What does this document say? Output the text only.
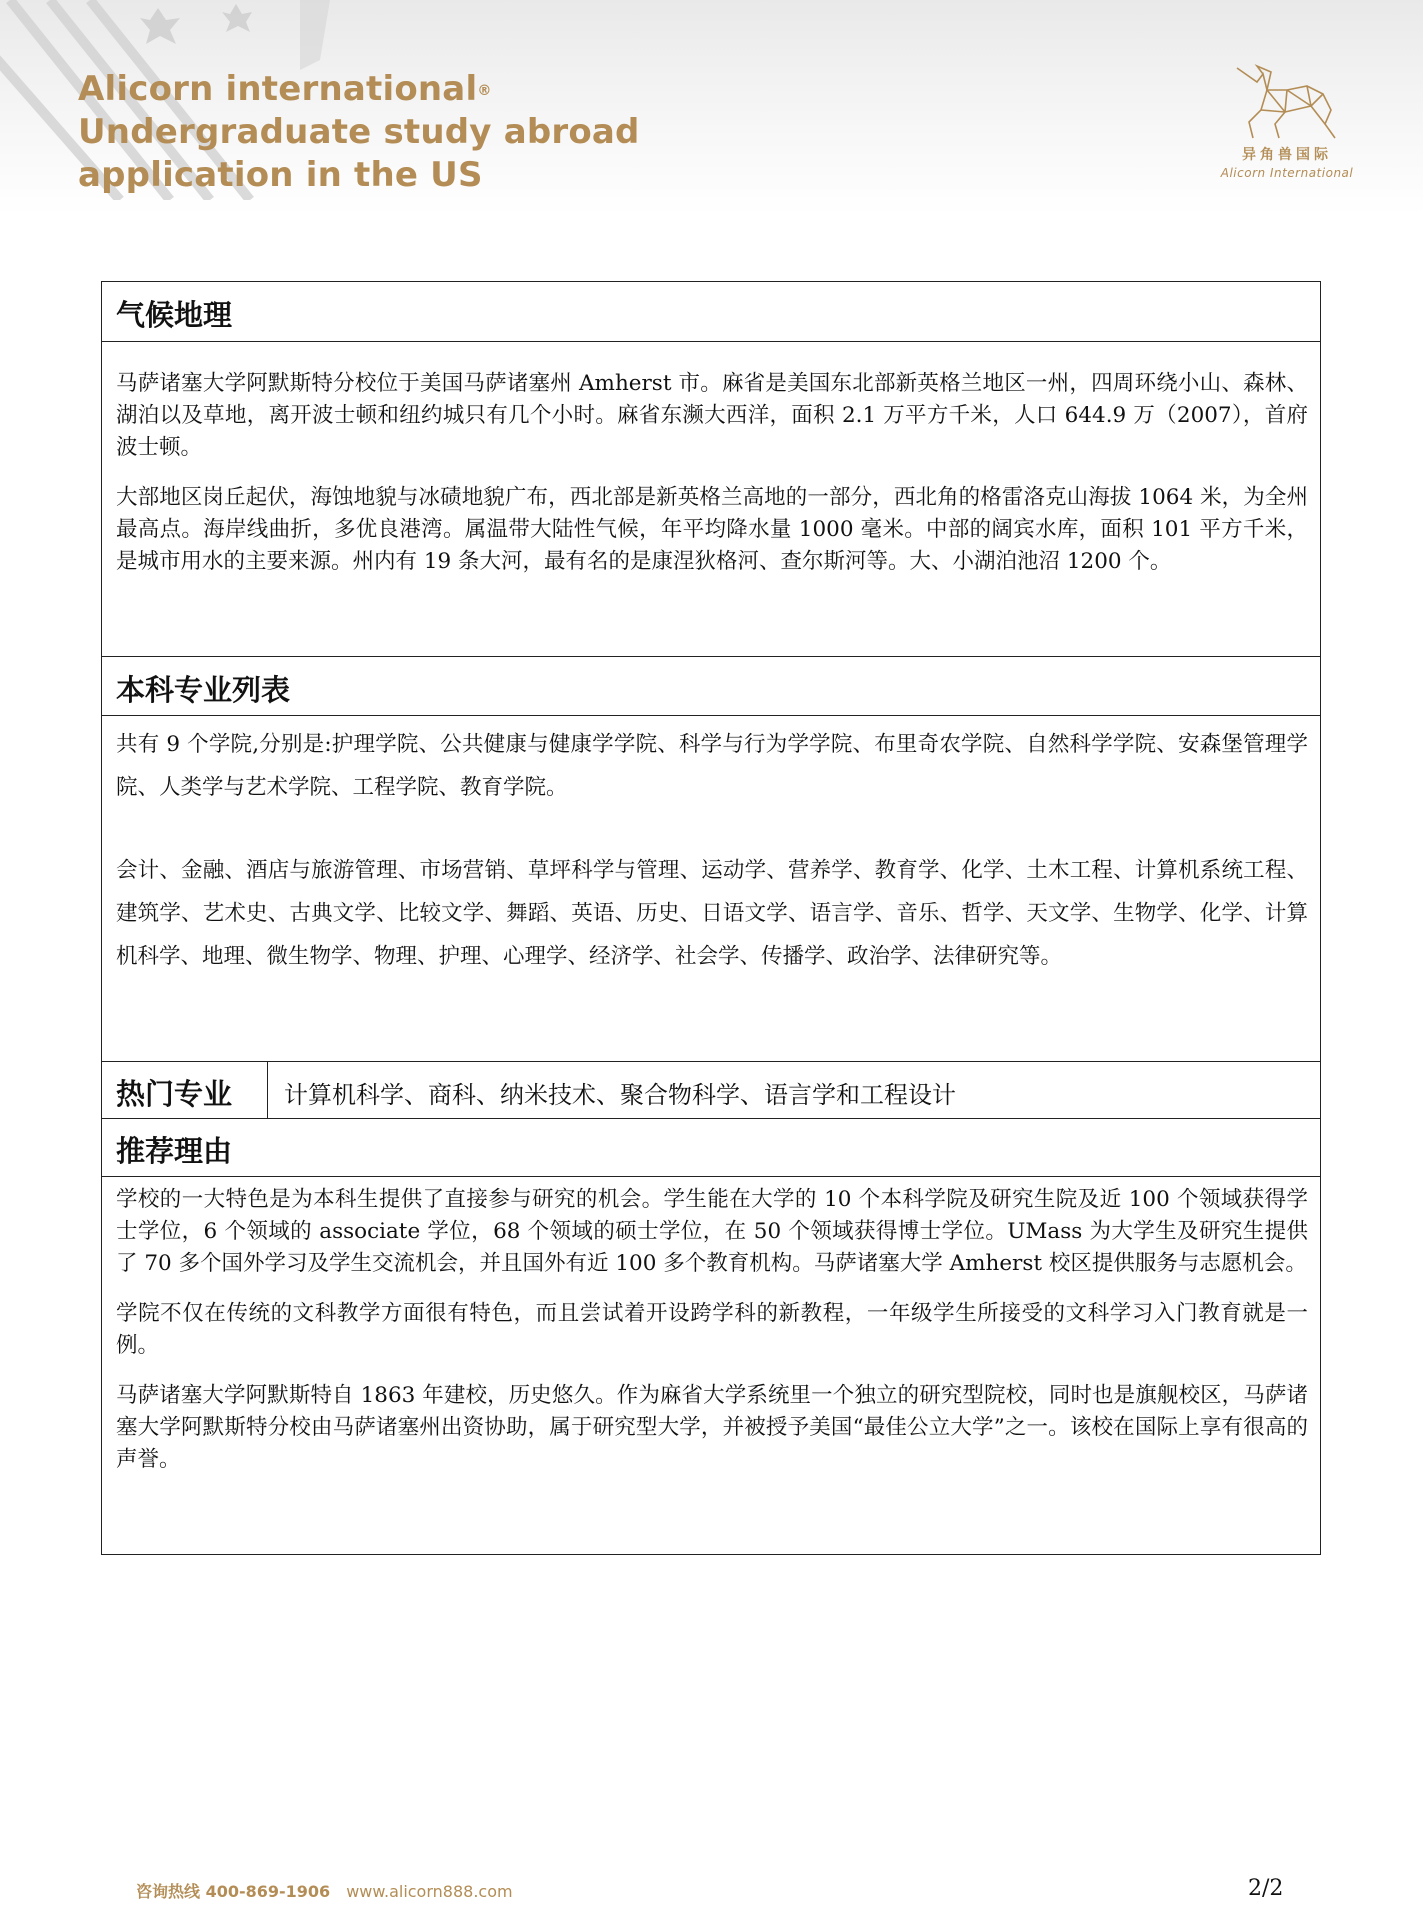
Alicorn international®
Undergraduate study abroad
application in the US	异角兽国际
Alicorn International
气候地理

马萨诸塞大学阿默斯特分校位于美国马萨诸塞州 Amherst 市。麻省是美国东北部新英格兰地区一州，四周环绕小山、森林、湖泊以及草地，离开波士顿和纽约城只有几个小时。麻省东濒大西洋，面积 2.1 万平方千米，人口 644.9 万（2007），首府波士顿。

大部地区岗丘起伏，海蚀地貌与冰碛地貌广布，西北部是新英格兰高地的一部分，西北角的格雷洛克山海拔 1064 米，为全州最高点。海岸线曲折，多优良港湾。属温带大陆性气候，年平均降水量 1000 毫米。中部的阔宾水库，面积 101 平方千米，是城市用水的主要来源。州内有 19 条大河，最有名的是康涅狄格河、查尔斯河等。大、小湖泊池沼 1200 个。

本科专业列表

共有 9 个学院,分别是:护理学院、公共健康与健康学学院、科学与行为学学院、布里奇农学院、自然科学学院、安森堡管理学院、人类学与艺术学院、工程学院、教育学院。

会计、金融、酒店与旅游管理、市场营销、草坪科学与管理、运动学、营养学、教育学、化学、土木工程、计算机系统工程、建筑学、艺术史、古典文学、比较文学、舞蹈、英语、历史、日语文学、语言学、音乐、哲学、天文学、生物学、化学、计算机科学、地理、微生物学、物理、护理、心理学、经济学、社会学、传播学、政治学、法律研究等。

热门专业 计算机科学、商科、纳米技术、聚合物科学、语言学和工程设计
推荐理由

学校的一大特色是为本科生提供了直接参与研究的机会。学生能在大学的 10 个本科学院及研究生院及近 100 个领域获得学士学位，6 个领域的 associate 学位，68 个领域的硕士学位，在 50 个领域获得博士学位。UMass 为大学生及研究生提供了 70 多个国外学习及学生交流机会，并且国外有近 100 多个教育机构。马萨诸塞大学 Amherst 校区提供服务与志愿机会。

学院不仅在传统的文科教学方面很有特色，而且尝试着开设跨学科的新教程，一年级学生所接受的文科学习入门教育就是一例。

马萨诸塞大学阿默斯特自 1863 年建校，历史悠久。作为麻省大学系统里一个独立的研究型院校，同时也是旗舰校区，马萨诸塞大学阿默斯特分校由马萨诸塞州出资协助，属于研究型大学，并被授予美国“最佳公立大学”之一。该校在国际上享有很高的声誉。

咨询热线 400-869-1906 www.alicorn888.com	2/2
